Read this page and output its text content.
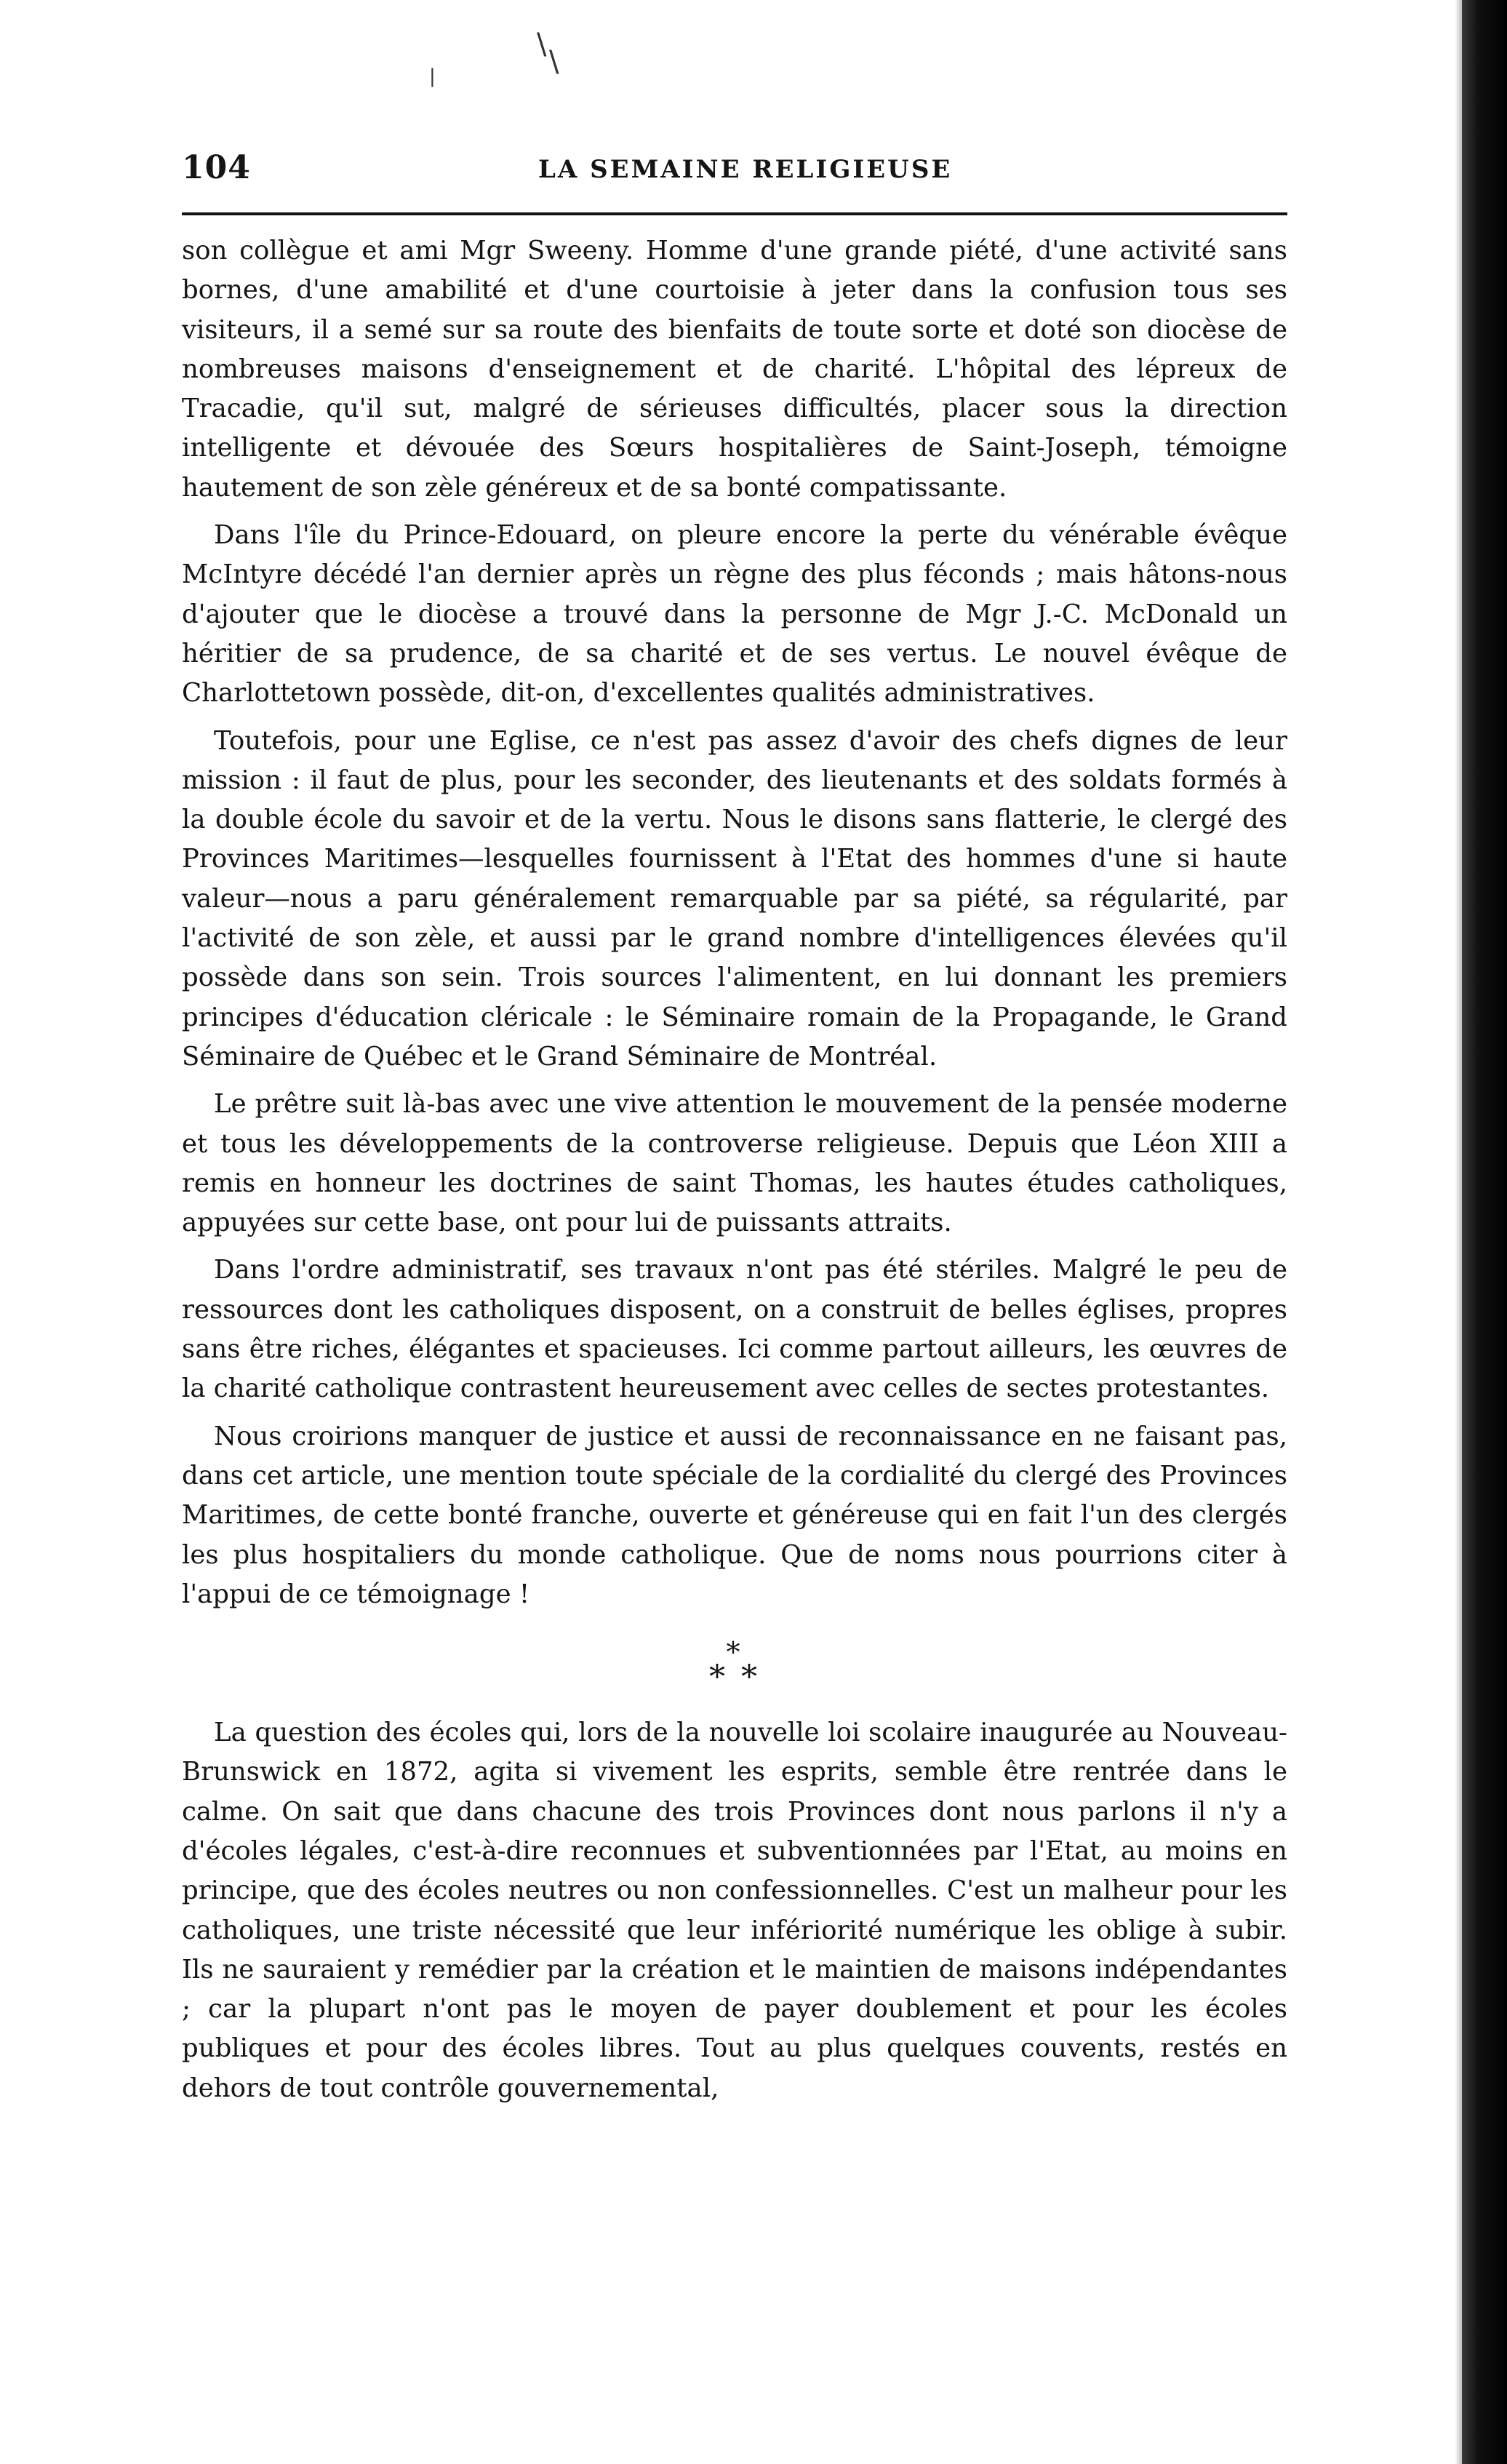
\
\
|
104	LA SEMAINE RELIGIEUSE

son collègue et ami Mgr Sweeny. Homme d'une grande piété, d'une activité sans bornes, d'une amabilité et d'une courtoisie à jeter dans la confusion tous ses visiteurs, il a semé sur sa route des bienfaits de toute sorte et doté son diocèse de nombreuses maisons d'enseignement et de charité. L'hôpital des lépreux de Tracadie, qu'il sut, malgré de sérieuses difficultés, placer sous la direction intelligente et dévouée des Sœurs hospitalières de Saint-Joseph, témoigne hautement de son zèle généreux et de sa bonté compatissante.

Dans l'île du Prince-Edouard, on pleure encore la perte du vénérable évêque McIntyre décédé l'an dernier après un règne des plus féconds ; mais hâtons-nous d'ajouter que le diocèse a trouvé dans la personne de Mgr J.-C. McDonald un héritier de sa prudence, de sa charité et de ses vertus. Le nouvel évêque de Charlottetown possède, dit-on, d'excellentes qualités administratives.

Toutefois, pour une Eglise, ce n'est pas assez d'avoir des chefs dignes de leur mission : il faut de plus, pour les seconder, des lieutenants et des soldats formés à la double école du savoir et de la vertu. Nous le disons sans flatterie, le clergé des Provinces Maritimes—lesquelles fournissent à l'Etat des hommes d'une si haute valeur—nous a paru généralement remarquable par sa piété, sa régularité, par l'activité de son zèle, et aussi par le grand nombre d'intelligences élevées qu'il possède dans son sein. Trois sources l'alimentent, en lui donnant les premiers principes d'éducation cléricale : le Séminaire romain de la Propagande, le Grand Séminaire de Québec et le Grand Séminaire de Montréal.

Le prêtre suit là-bas avec une vive attention le mouvement de la pensée moderne et tous les développements de la controverse religieuse. Depuis que Léon XIII a remis en honneur les doctrines de saint Thomas, les hautes études catholiques, appuyées sur cette base, ont pour lui de puissants attraits.

Dans l'ordre administratif, ses travaux n'ont pas été stériles. Malgré le peu de ressources dont les catholiques disposent, on a construit de belles églises, propres sans être riches, élégantes et spacieuses. Ici comme partout ailleurs, les œuvres de la charité catholique contrastent heureusement avec celles de sectes protestantes.

Nous croirions manquer de justice et aussi de reconnaissance en ne faisant pas, dans cet article, une mention toute spéciale de la cordialité du clergé des Provinces Maritimes, de cette bonté franche, ouverte et généreuse qui en fait l'un des clergés les plus hospitaliers du monde catholique. Que de noms nous pourrions citer à l'appui de ce témoignage !

*
* *

La question des écoles qui, lors de la nouvelle loi scolaire inaugurée au Nouveau-Brunswick en 1872, agita si vivement les esprits, semble être rentrée dans le calme. On sait que dans chacune des trois Provinces dont nous parlons il n'y a d'écoles légales, c'est-à-dire reconnues et subventionnées par l'Etat, au moins en principe, que des écoles neutres ou non confessionnelles. C'est un malheur pour les catholiques, une triste nécessité que leur infériorité numérique les oblige à subir. Ils ne sauraient y remédier par la création et le maintien de maisons indépendantes ; car la plupart n'ont pas le moyen de payer doublement et pour les écoles publiques et pour des écoles libres. Tout au plus quelques couvents, restés en dehors de tout contrôle gouvernemental,
